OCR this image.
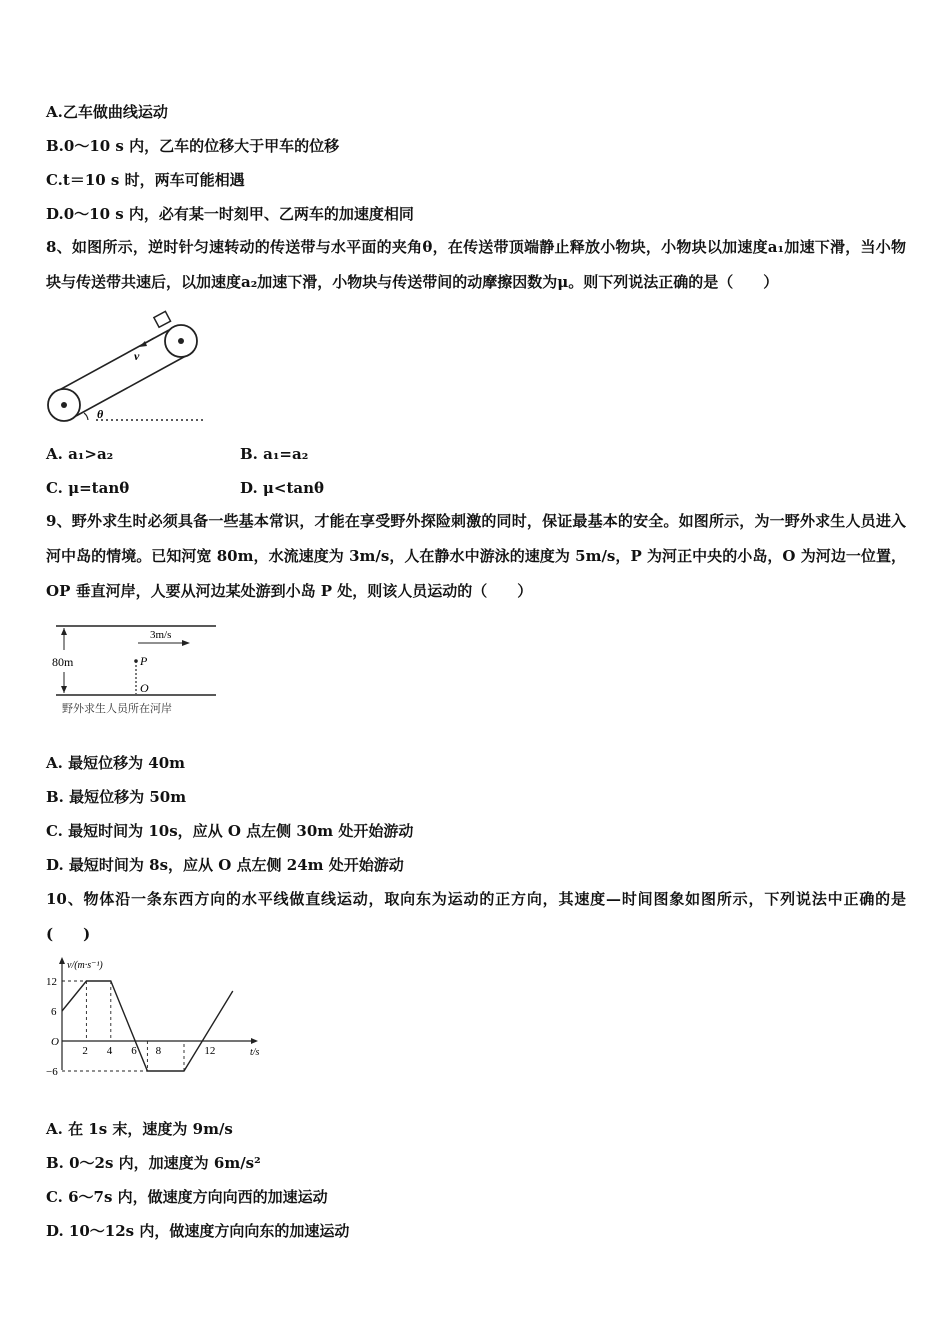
A.乙车做曲线运动
B.0～10 s 内，乙车的位移大于甲车的位移
C.t＝10 s 时，两车可能相遇
D.0～10 s 内，必有某一时刻甲、乙两车的加速度相同
8、如图所示，逆时针匀速转动的传送带与水平面的夹角θ，在传送带顶端静止释放小物块，小物块以加速度a₁加速下滑，当小物块与传送带共速后，以加速度a₂加速下滑，小物块与传送带间的动摩擦因数为μ。则下列说法正确的是（　　）
v
θ
A. a₁>a₂	B. a₁=a₂
C. μ=tanθ	D. μ<tanθ
9、野外求生时必须具备一些基本常识，才能在享受野外探险刺激的同时，保证最基本的安全。如图所示，为一野外求生人员进入河中岛的情境。已知河宽 80m，水流速度为 3m/s，人在静水中游泳的速度为 5m/s，P 为河正中央的小岛，O 为河边一位置，OP 垂直河岸，人要从河边某处游到小岛 P 处，则该人员运动的（　　）
80m
3m/s
P
O
野外求生人员所在河岸
A. 最短位移为 40m
B. 最短位移为 50m
C. 最短时间为 10s，应从 O 点左侧 30m 处开始游动
D. 最短时间为 8s，应从 O 点左侧 24m 处开始游动
10、物体沿一条东西方向的水平线做直线运动，取向东为运动的正方向，其速度—时间图象如图所示，下列说法中正确的是(　　)
v/(m·s⁻¹)
t/s
2 4 6 8	12
12
6
O
−6
A. 在 1s 末，速度为 9m/s
B. 0～2s 内，加速度为 6m/s²
C. 6～7s 内，做速度方向向西的加速运动
D. 10～12s 内，做速度方向向东的加速运动
